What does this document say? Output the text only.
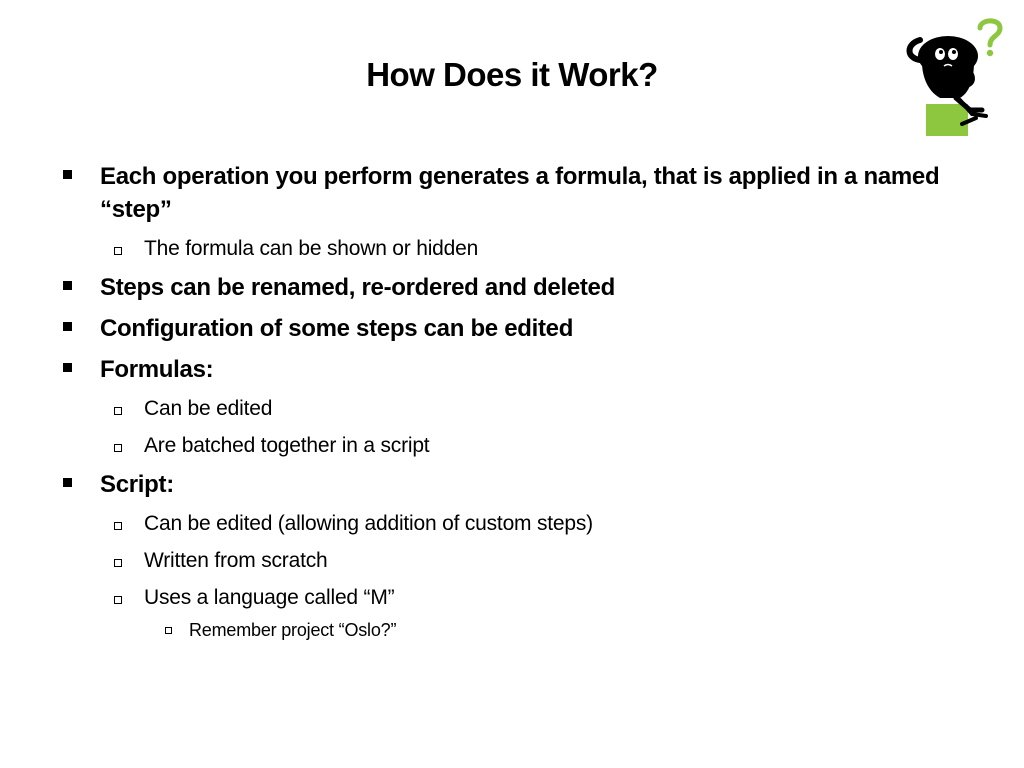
How Does it Work?
Each operation you perform generates a formula, that is applied in a named “step”
The formula can be shown or hidden
Steps can be renamed, re-ordered and deleted
Configuration of some steps can be edited
Formulas:
Can be edited
Are batched together in a script
Script:
Can be edited (allowing addition of custom steps)
Written from scratch
Uses a language called “M”
Remember project “Oslo?”
